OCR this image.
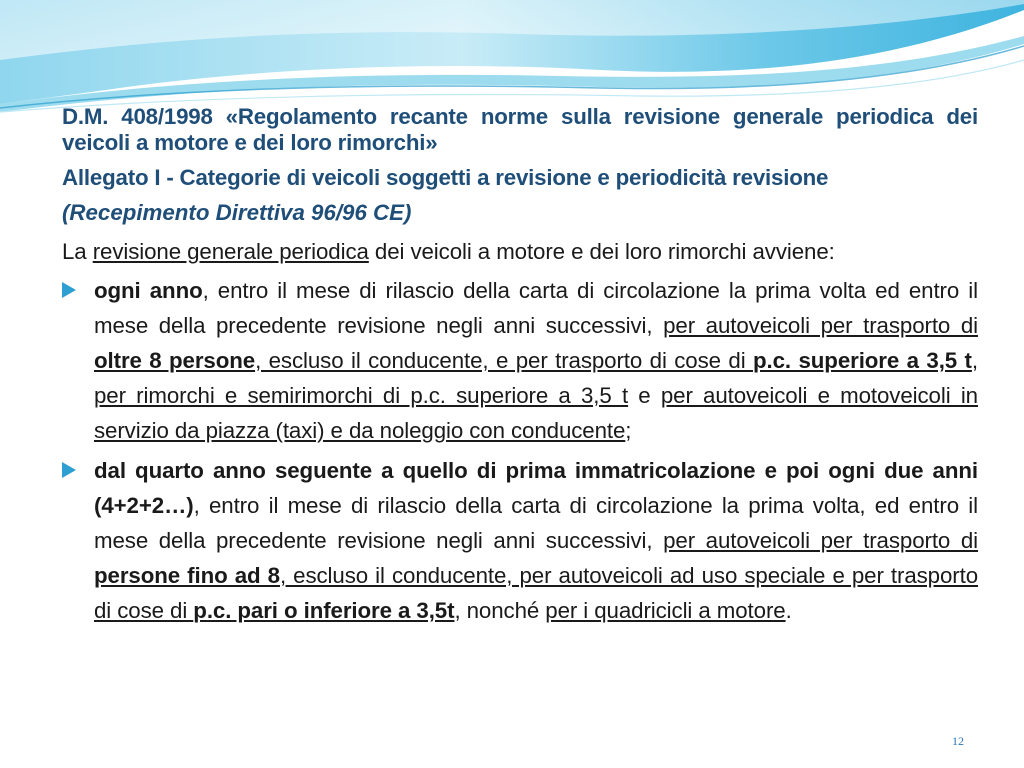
D.M. 408/1998 «Regolamento recante norme sulla revisione generale periodica dei veicoli a motore e dei loro rimorchi»

Allegato I - Categorie di veicoli soggetti a revisione e periodicità revisione

(Recepimento Direttiva 96/96 CE)

La revisione generale periodica dei veicoli a motore e dei loro rimorchi avviene:

ogni anno, entro il mese di rilascio della carta di circolazione la prima volta ed entro il mese della precedente revisione negli anni successivi, per autoveicoli per trasporto di oltre 8 persone, escluso il conducente, e per trasporto di cose di p.c. superiore a 3,5 t, per rimorchi e semirimorchi di p.c. superiore a 3,5 t e per autoveicoli e motoveicoli in servizio da piazza (taxi) e da noleggio con conducente;

dal quarto anno seguente a quello di prima immatricolazione e poi ogni due anni (4+2+2…), entro il mese di rilascio della carta di circolazione la prima volta, ed entro il mese della precedente revisione negli anni successivi, per autoveicoli per trasporto di persone fino ad 8, escluso il conducente, per autoveicoli ad uso speciale e per trasporto di cose di p.c. pari o inferiore a 3,5t, nonché per i quadricicli a motore.

12
